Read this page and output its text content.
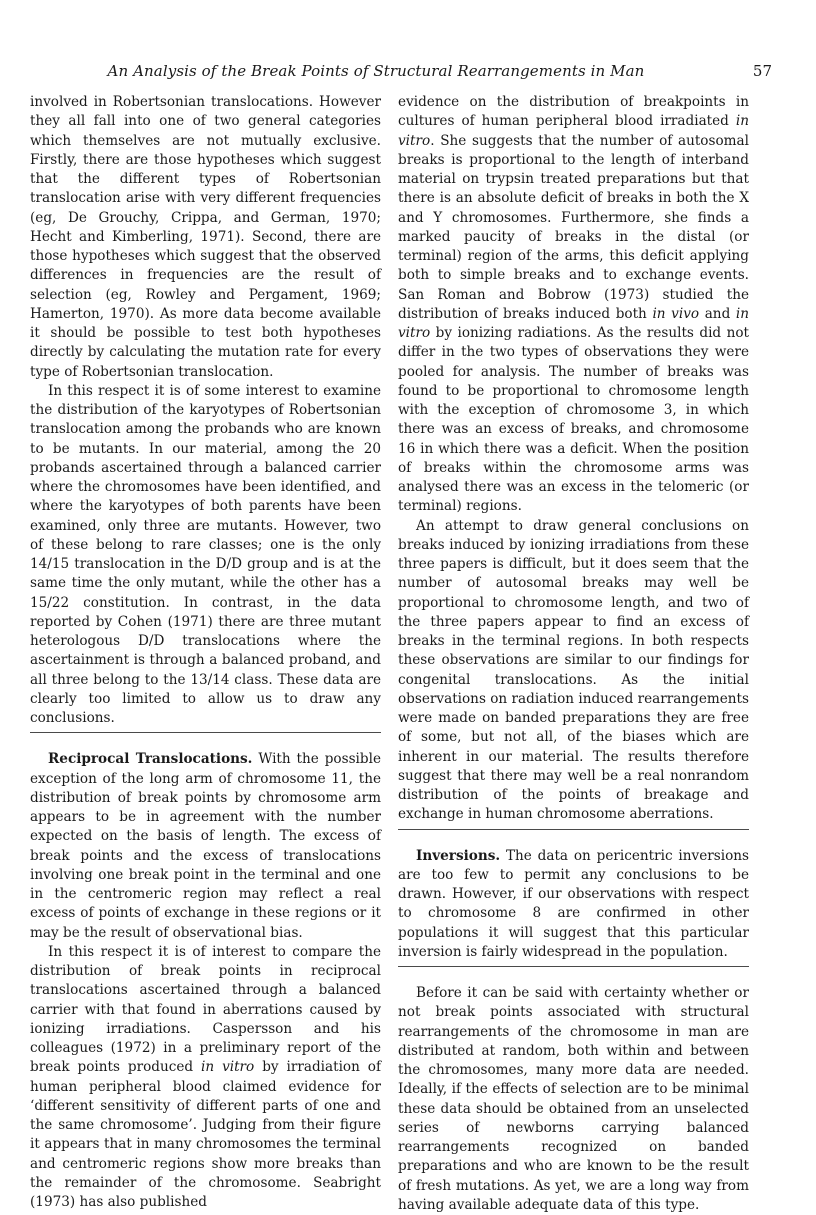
An Analysis of the Break Points of Structural Rearrangements in Man	57

involved in Robertsonian translocations. However they all fall into one of two general categories which themselves are not mutually exclusive. Firstly, there are those hypotheses which suggest that the different types of Robertsonian translocation arise with very different frequencies (eg, De Grouchy, Crippa, and German, 1970; Hecht and Kimberling, 1971). Second, there are those hypotheses which suggest that the observed differences in frequencies are the result of selection (eg, Rowley and Pergament, 1969; Hamerton, 1970). As more data become available it should be possible to test both hypotheses directly by calculating the mutation rate for every type of Robertsonian translocation.

In this respect it is of some interest to examine the distribution of the karyotypes of Robertsonian translocation among the probands who are known to be mutants. In our material, among the 20 probands ascertained through a balanced carrier where the chromosomes have been identified, and where the karyotypes of both parents have been examined, only three are mutants. However, two of these belong to rare classes; one is the only 14/15 translocation in the D/D group and is at the same time the only mutant, while the other has a 15/22 constitution. In contrast, in the data reported by Cohen (1971) there are three mutant heterologous D/D translocations where the ascertainment is through a balanced proband, and all three belong to the 13/14 class. These data are clearly too limited to allow us to draw any conclusions.

Reciprocal Translocations. With the possible exception of the long arm of chromosome 11, the distribution of break points by chromosome arm appears to be in agreement with the number expected on the basis of length. The excess of break points and the excess of translocations involving one break point in the terminal and one in the centromeric region may reflect a real excess of points of exchange in these regions or it may be the result of observational bias.

In this respect it is of interest to compare the distribution of break points in reciprocal translocations ascertained through a balanced carrier with that found in aberrations caused by ionizing irradiations. Caspersson and his colleagues (1972) in a preliminary report of the break points produced in vitro by irradiation of human peripheral blood claimed evidence for ‘different sensitivity of different parts of one and the same chromosome’. Judging from their figure it appears that in many chromosomes the terminal and centromeric regions show more breaks than the remainder of the chromosome. Seabright (1973) has also published

evidence on the distribution of breakpoints in cultures of human peripheral blood irradiated in vitro. She suggests that the number of autosomal breaks is proportional to the length of interband material on trypsin treated preparations but that there is an absolute deficit of breaks in both the X and Y chromosomes. Furthermore, she finds a marked paucity of breaks in the distal (or terminal) region of the arms, this deficit applying both to simple breaks and to exchange events. San Roman and Bobrow (1973) studied the distribution of breaks induced both in vivo and in vitro by ionizing radiations. As the results did not differ in the two types of observations they were pooled for analysis. The number of breaks was found to be proportional to chromosome length with the exception of chromosome 3, in which there was an excess of breaks, and chromosome 16 in which there was a deficit. When the position of breaks within the chromosome arms was analysed there was an excess in the telomeric (or terminal) regions.

An attempt to draw general conclusions on breaks induced by ionizing irradiations from these three papers is difficult, but it does seem that the number of autosomal breaks may well be proportional to chromosome length, and two of the three papers appear to find an excess of breaks in the terminal regions. In both respects these observations are similar to our findings for congenital translocations. As the initial observations on radiation induced rearrangements were made on banded preparations they are free of some, but not all, of the biases which are inherent in our material. The results therefore suggest that there may well be a real nonrandom distribution of the points of breakage and exchange in human chromosome aberrations.

Inversions. The data on pericentric inversions are too few to permit any conclusions to be drawn. However, if our observations with respect to chromosome 8 are confirmed in other populations it will suggest that this particular inversion is fairly widespread in the population.

Before it can be said with certainty whether or not break points associated with structural rearrangements of the chromosome in man are distributed at random, both within and between the chromosomes, many more data are needed. Ideally, if the effects of selection are to be minimal these data should be obtained from an unselected series of newborns carrying balanced rearrangements recognized on banded preparations and who are known to be the result of fresh mutations. As yet, we are a long way from having available adequate data of this type.
